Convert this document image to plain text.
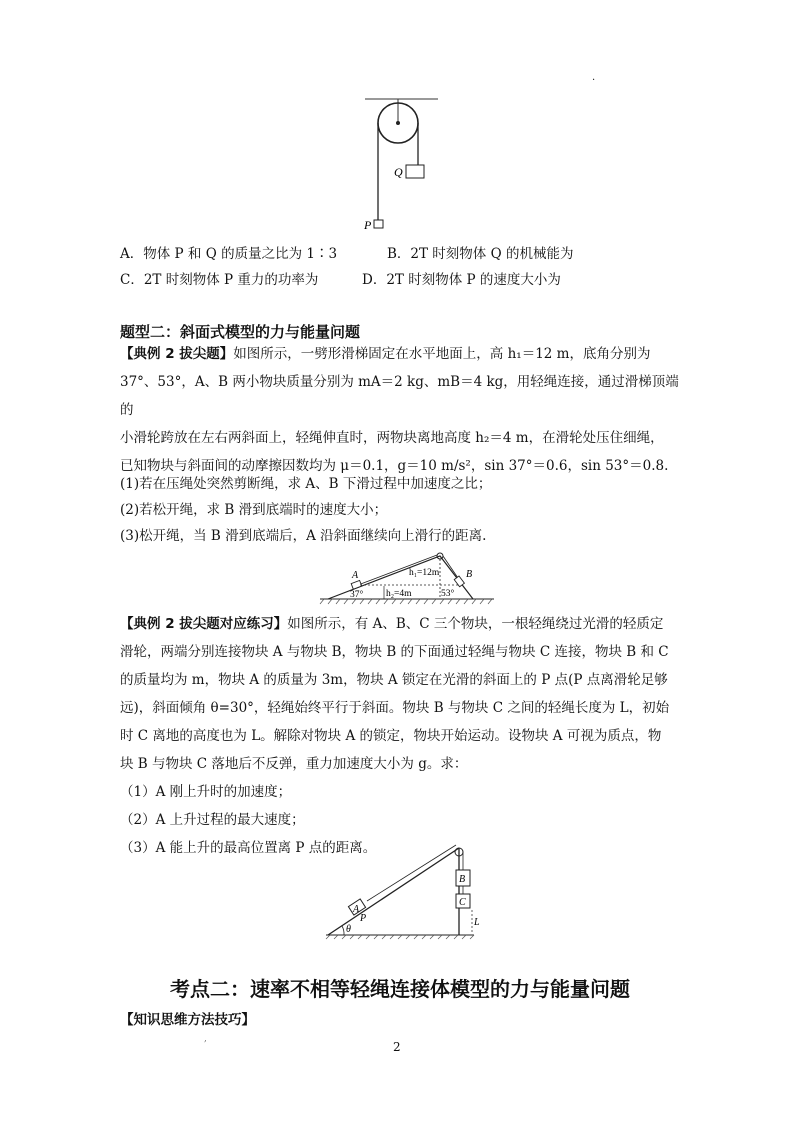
Q
P
.
A．物体 P 和 Q 的质量之比为 1∶3	B．2T 时刻物体 Q 的机械能为
C．2T 时刻物体 P 重力的功率为	D．2T 时刻物体 P 的速度大小为
题型二：斜面式模型的力与能量问题
【典例 2 拔尖题】如图所示，一劈形滑梯固定在水平地面上，高 h₁＝12 m，底角分别为
37°、53°，A、B 两小物块质量分别为 mA＝2 kg、mB＝4 kg，用轻绳连接，通过滑梯顶端的
小滑轮跨放在左右两斜面上，轻绳伸直时，两物块离地高度 h₂＝4 m，在滑轮处压住细绳，
已知物块与斜面间的动摩擦因数均为 μ＝0.1，g＝10 m/s²，sin 37°＝0.6，sin 53°＝0.8.
(1)若在压绳处突然剪断绳，求 A、B 下滑过程中加速度之比；
(2)若松开绳，求 B 滑到底端时的速度大小；
(3)松开绳，当 B 滑到底端后，A 沿斜面继续向上滑行的距离.
A	B
h₁=12m
h₂=4m
37°	53°
【典例 2 拔尖题对应练习】如图所示，有 A、B、C 三个物块，一根轻绳绕过光滑的轻质定
滑轮，两端分别连接物块 A 与物块 B，物块 B 的下面通过轻绳与物块 C 连接，物块 B 和 C
的质量均为 m，物块 A 的质量为 3m，物块 A 锁定在光滑的斜面上的 P 点(P 点离滑轮足够
远)，斜面倾角 θ=30°，轻绳始终平行于斜面。物块 B 与物块 C 之间的轻绳长度为 L，初始
时 C 离地的高度也为 L。解除对物块 A 的锁定，物块开始运动。设物块 A 可视为质点，物
块 B 与物块 C 落地后不反弹，重力加速度大小为 g。求：
（1）A 刚上升时的加速度；
（2）A 上升过程的最大速度；
（3）A 能上升的最高位置离 P 点的距离。
A
B
C
P
θ
L
考点二：速率不相等轻绳连接体模型的力与能量问题
【知识思维方法技巧】
,
2
